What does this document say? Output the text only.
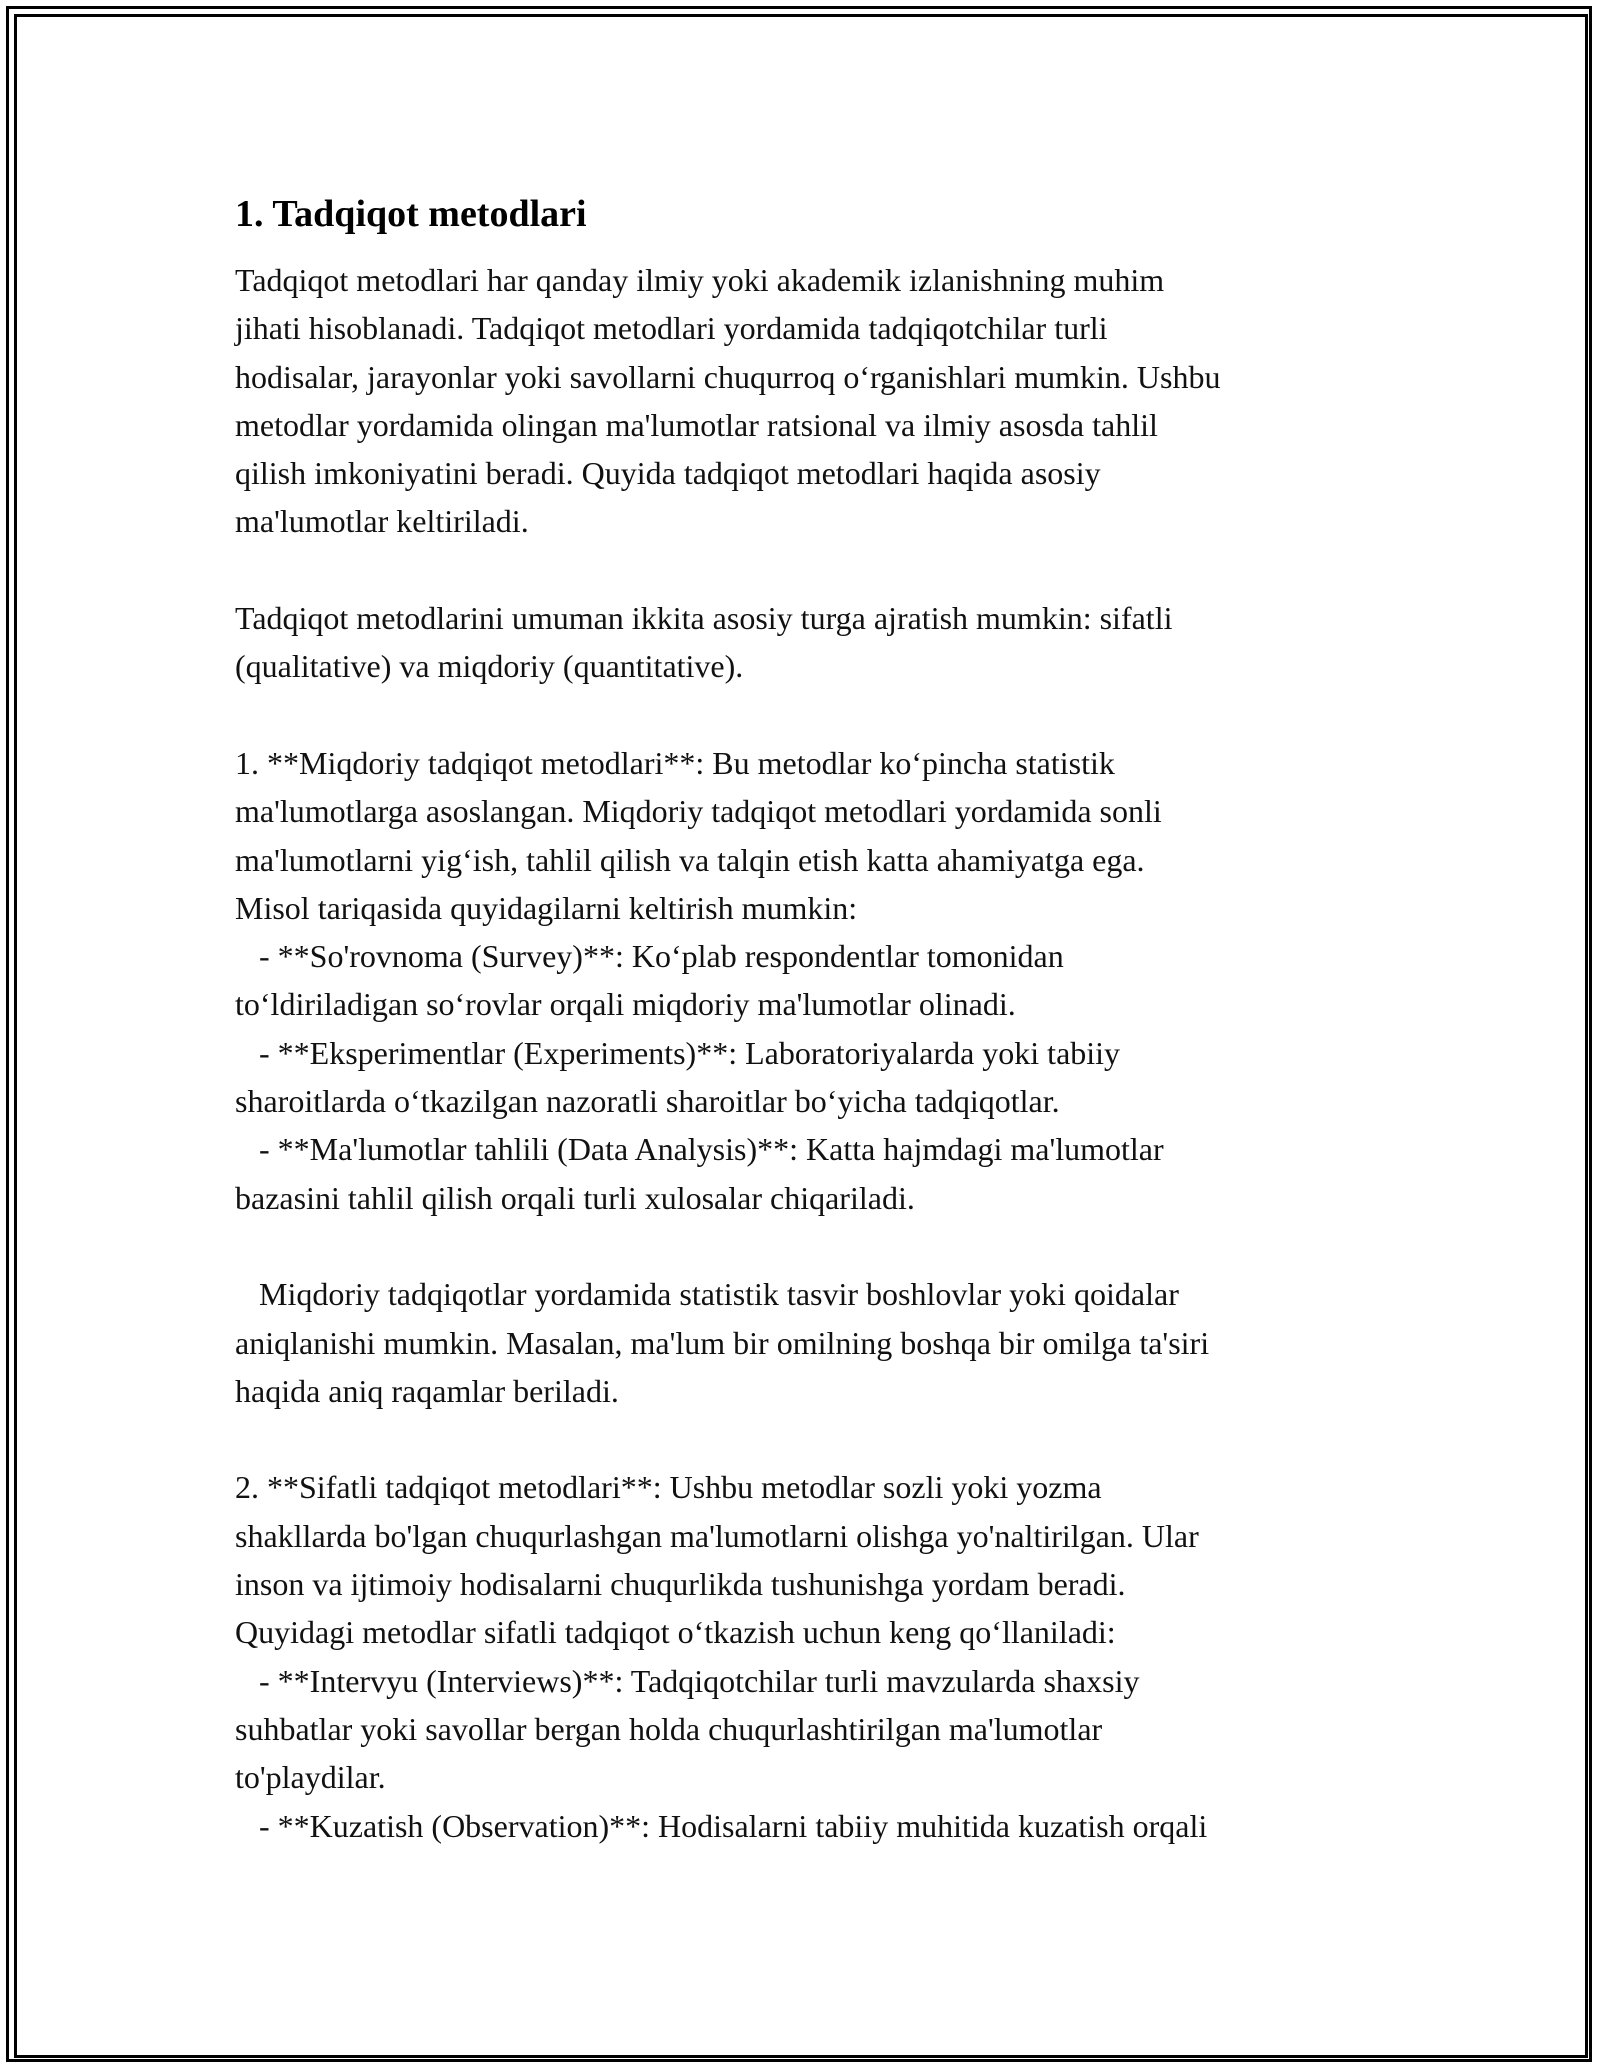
1. Tadqiqot metodlari

Tadqiqot metodlari har qanday ilmiy yoki akademik izlanishning muhim
jihati hisoblanadi. Tadqiqot metodlari yordamida tadqiqotchilar turli
hodisalar, jarayonlar yoki savollarni chuqurroq o‘rganishlari mumkin. Ushbu
metodlar yordamida olingan ma'lumotlar ratsional va ilmiy asosda tahlil
qilish imkoniyatini beradi. Quyida tadqiqot metodlari haqida asosiy
ma'lumotlar keltiriladi.

Tadqiqot metodlarini umuman ikkita asosiy turga ajratish mumkin: sifatli
(qualitative) va miqdoriy (quantitative).

1. **Miqdoriy tadqiqot metodlari**: Bu metodlar ko‘pincha statistik
ma'lumotlarga asoslangan. Miqdoriy tadqiqot metodlari yordamida sonli
ma'lumotlarni yig‘ish, tahlil qilish va talqin etish katta ahamiyatga ega.
Misol tariqasida quyidagilarni keltirish mumkin:
- **So'rovnoma (Survey)**: Ko‘plab respondentlar tomonidan
to‘ldiriladigan so‘rovlar orqali miqdoriy ma'lumotlar olinadi.
- **Eksperimentlar (Experiments)**: Laboratoriyalarda yoki tabiiy
sharoitlarda o‘tkazilgan nazoratli sharoitlar bo‘yicha tadqiqotlar.
- **Ma'lumotlar tahlili (Data Analysis)**: Katta hajmdagi ma'lumotlar
bazasini tahlil qilish orqali turli xulosalar chiqariladi.

Miqdoriy tadqiqotlar yordamida statistik tasvir boshlovlar yoki qoidalar
aniqlanishi mumkin. Masalan, ma'lum bir omilning boshqa bir omilga ta'siri
haqida aniq raqamlar beriladi.

2. **Sifatli tadqiqot metodlari**: Ushbu metodlar sozli yoki yozma
shakllarda bo'lgan chuqurlashgan ma'lumotlarni olishga yo'naltirilgan. Ular
inson va ijtimoiy hodisalarni chuqurlikda tushunishga yordam beradi.
Quyidagi metodlar sifatli tadqiqot o‘tkazish uchun keng qo‘llaniladi:
- **Intervyu (Interviews)**: Tadqiqotchilar turli mavzularda shaxsiy
suhbatlar yoki savollar bergan holda chuqurlashtirilgan ma'lumotlar
to'playdilar.
- **Kuzatish (Observation)**: Hodisalarni tabiiy muhitida kuzatish orqali
